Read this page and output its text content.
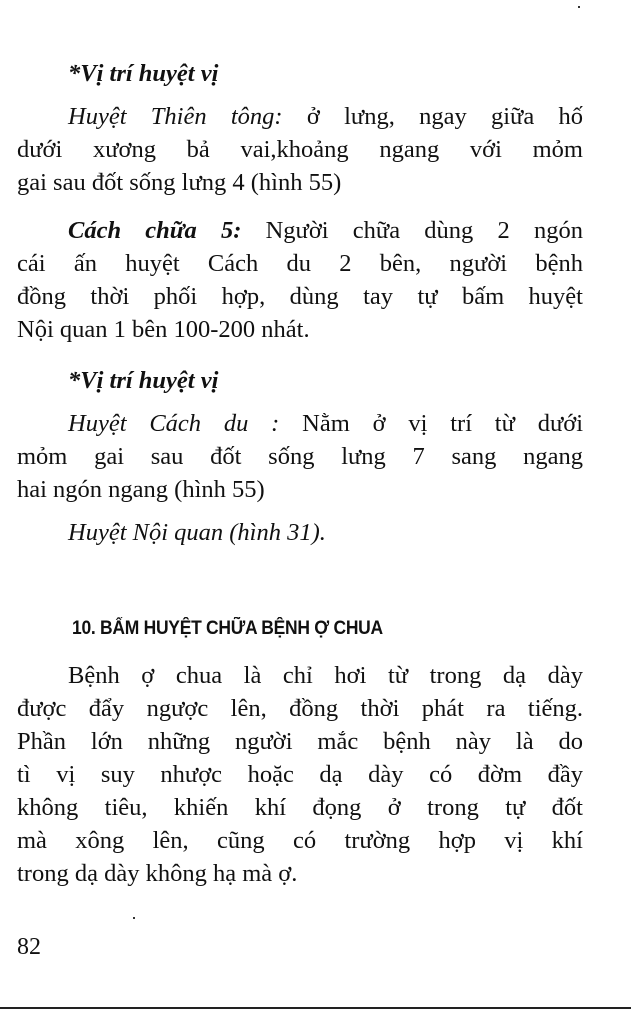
*Vị trí huyệt vị
Huyệt Thiên tông: ở lưng, ngay giữa hố
dưới xương bả vai,khoảng ngang với mỏm
gai sau đốt sống lưng 4 (hình 55)
Cách chữa 5: Người chữa dùng 2 ngón
cái ấn huyệt Cách du 2 bên, người bệnh
đồng thời phối hợp, dùng tay tự bấm huyệt
Nội quan 1 bên 100-200 nhát.
*Vị trí huyệt vị
Huyệt Cách du : Nằm ở vị trí từ dưới
mỏm gai sau đốt sống lưng 7 sang ngang
hai ngón ngang (hình 55)
Huyệt Nội quan (hình 31).
10. BẤM HUYỆT CHỮA BỆNH Ợ CHUA
Bệnh ợ chua là chỉ hơi từ trong dạ dày
được đẩy ngược lên, đồng thời phát ra tiếng.
Phần lớn những người mắc bệnh này là do
tì vị suy nhược hoặc dạ dày có đờm đầy
không tiêu, khiến khí đọng ở trong tự đốt
mà xông lên, cũng có trường hợp vị khí
trong dạ dày không hạ mà ợ.
82
